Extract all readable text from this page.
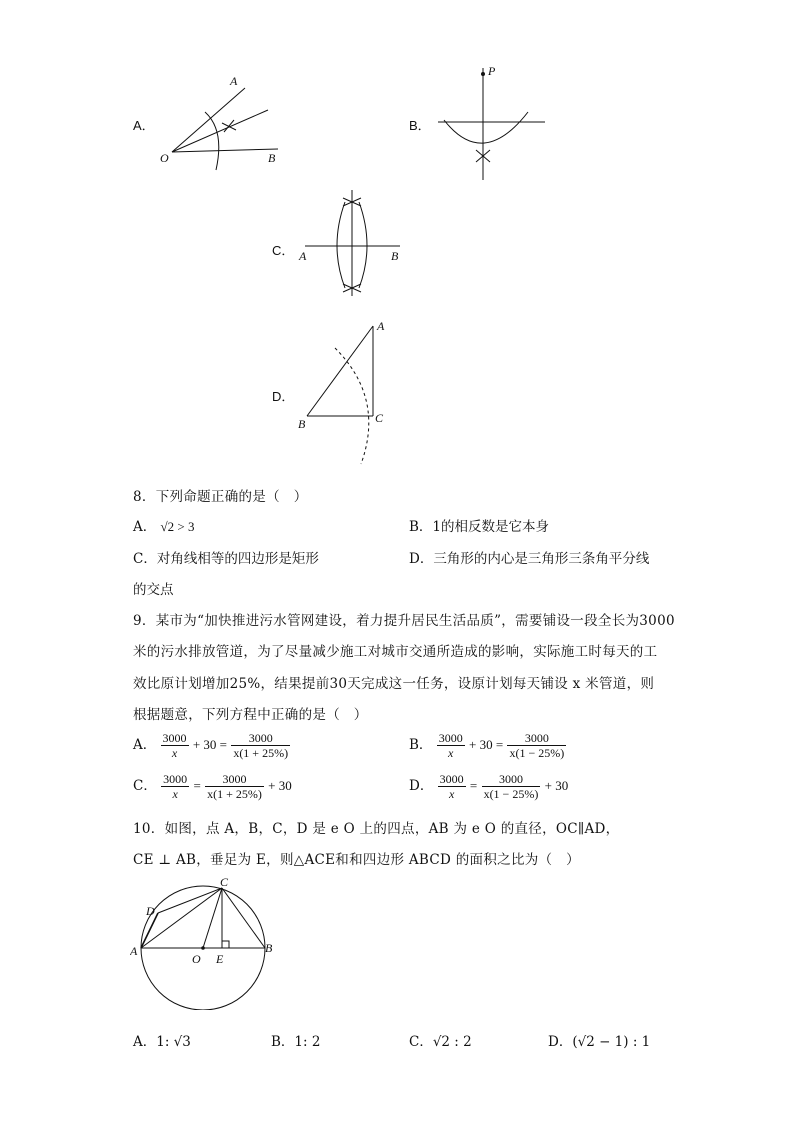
A．
A
O	B
B．
P
C． A	B
D．
A
B	C
8．下列命题正确的是（　）
A． √2 > 3	B．1的相反数是它本身
C．对角线相等的四边形是矩形	D．三角形的内心是三角形三条角平分线
的交点
9．某市为“加快推进污水管网建设，着力提升居民生活品质”，需要铺设一段全长为3000
米的污水排放管道，为了尽量减少施工对城市交通所造成的影响，实际施工时每天的工
效比原计划增加25%，结果提前30天完成这一任务，设原计划每天铺设 x 米管道，则
根据题意，下列方程中正确的是（　）
A． $\frac{3000}{x} + 30 = \frac{3000}{x(1 + 25\%)}$	B． $\frac{3000}{x} + 30 = \frac{3000}{x(1 - 25\%)}$
C． $\frac{3000}{x} = \frac{3000}{x(1 + 25\%)} + 30$	D． $\frac{3000}{x} = \frac{3000}{x(1 - 25\%)} + 30$
10．如图，点 A，B，C，D 是 e O 上的四点，AB 为 e O 的直径，OC∥AD，
CE ⊥ AB，垂足为 E，则△ACE和和四边形 ABCD 的面积之比为（　）
A	B
C
D
O E
A．1: √3	B．1: 2	C．√2 : 2	D．(√2 − 1) : 1
